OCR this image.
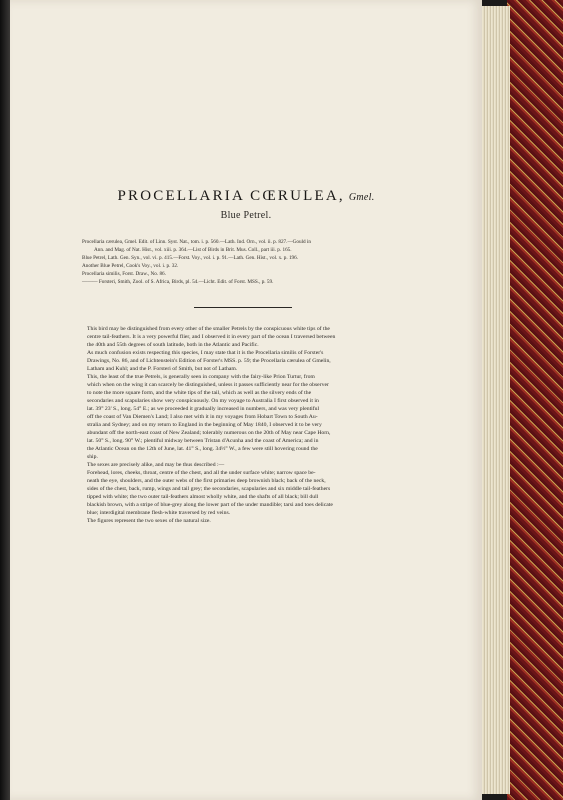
PROCELLARIA CŒRULEA, Gmel.
Blue Petrel.
Procellaria cærulea, Gmel. Edit. of Linn. Syst. Nat., tom. i. p. 560.—Lath. Ind. Orn., vol. ii. p. 827.—Gould in
Ann. and Mag. of Nat. Hist., vol. xiii. p. 364.—List of Birds in Brit. Mus. Coll., part iii. p. 165.
Blue Petrel, Lath. Gen. Syn., vol. vi. p. 415.—Forst. Voy., vol. i. p. 91.—Lath. Gen. Hist., vol. x. p. 196.
Another Blue Petrel, Cook's Voy., vol. i. p. 32.
Procellaria similis, Forst. Draw., No. 86.
——— Forsteri, Smith, Zool. of S. Africa, Birds, pl. 54.—Licht. Edit. of Forst. MSS., p. 59.

This bird may be distinguished from every other of the smaller Petrels by the conspicuous white tips of the
centre tail-feathers. It is a very powerful flier, and I observed it in every part of the ocean I traversed between
the 40th and 55th degrees of south latitude, both in the Atlantic and Pacific.

As much confusion exists respecting this species, I may state that it is the Procellaria similis of Forster's
Drawings, No. 86, and of Lichtenstein's Edition of Forster's MSS. p. 59; the Procellaria cærulea of Gmelin,
Latham and Kuhl; and the P. Forsteri of Smith, but not of Latham.

This, the least of the true Petrels, is generally seen in company with the fairy-like Prion Turtur, from
which when on the wing it can scarcely be distinguished, unless it passes sufficiently near for the observer
to note the more square form, and the white tips of the tail, which as well as the silvery ends of the
secondaries and scapularies show very conspicuously. On my voyage to Australia I first observed it in
lat. 39° 23' S., long. 54° E.; as we proceeded it gradually increased in numbers, and was very plentiful
off the coast of Van Diemen's Land; I also met with it in my voyages from Hobart Town to South Au-
stralia and Sydney; and on my return to England in the beginning of May 1840, I observed it to be very
abundant off the north-east coast of New Zealand; tolerably numerous on the 20th of May near Cape Horn,
lat. 50° S., long. 90° W.; plentiful midway between Tristan d'Acunha and the coast of America; and in
the Atlantic Ocean on the 12th of June, lat. 41° S., long. 34½° W., a few were still hovering round the
ship.

The sexes are precisely alike, and may be thus described :—

Forehead, lores, cheeks, throat, centre of the chest, and all the under surface white; narrow space be-
neath the eye, shoulders, and the outer webs of the first primaries deep brownish black; back of the neck,
sides of the chest, back, rump, wings and tail grey; the secondaries, scapularies and six middle tail-feathers
tipped with white; the two outer tail-feathers almost wholly white, and the shafts of all black; bill dull
blackish brown, with a stripe of blue-grey along the lower part of the under mandible; tarsi and toes delicate
blue; interdigital membrane flesh-white traversed by red veins.

The figures represent the two sexes of the natural size.
